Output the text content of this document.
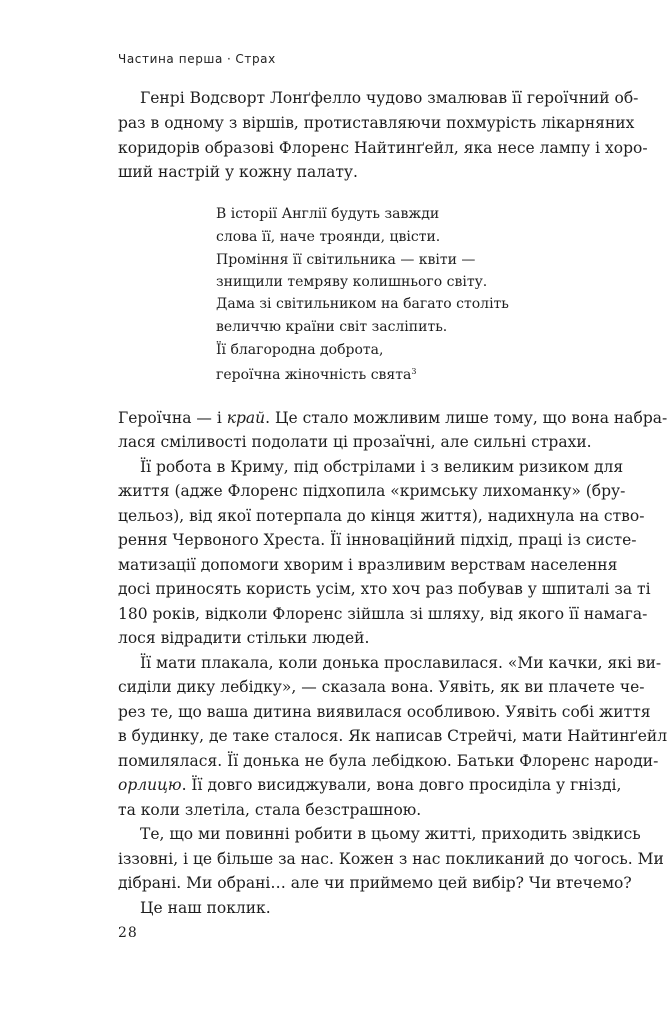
Частина перша · Страх
Генрі Водсворт Лонґфелло чудово змалював її героїчний об-
раз в одному з віршів, протиставляючи похмурість лікарняних
коридорів образові Флоренс Найтинґейл, яка несе лампу і хоро-
ший настрій у кожну палату.
В історії Англії будуть завжди
слова її, наче троянди, цвісти.
Проміння її світильника — квіти —
знищили темряву колишнього світу.
Дама зі світильником на багато століть
величчю країни світ засліпить.
Її благородна доброта,
героїчна жіночність свята$^3$
Героїчна — і край. Це стало можливим лише тому, що вона набра-
лася сміливості подолати ці прозаїчні, але сильні страхи.
Її робота в Криму, під обстрілами і з великим ризиком для
життя (адже Флоренс підхопила «кримську лихоманку» (бру-
цельоз), від якої потерпала до кінця життя), надихнула на ство-
рення Червоного Хреста. Її інноваційний підхід, праці із систе-
матизації допомоги хворим і вразливим верствам населення
досі приносять користь усім, хто хоч раз побував у шпиталі за ті
180 років, відколи Флоренс зійшла зі шляху, від якого її намага-
лося відрадити стільки людей.
Її мати плакала, коли донька прославилася. «Ми качки, які ви-
сиділи дику лебідку», — сказала вона. Уявіть, як ви плачете че-
рез те, що ваша дитина виявилася особливою. Уявіть собі життя
в будинку, де таке сталося. Як написав Стрейчі, мати Найтинґейл
помилялася. Її донька не була лебідкою. Батьки Флоренс народи-
орлицю. Її довго висиджували, вона довго просиділа у гнізді,
та коли злетіла, стала безстрашною.
Те, що ми повинні робити в цьому житті, приходить звідкись
іззовні, і це більше за нас. Кожен з нас покликаний до чогось. Ми
дібрані. Ми обрані… але чи приймемо цей вибір? Чи втечемо?
Це наш поклик.
28
